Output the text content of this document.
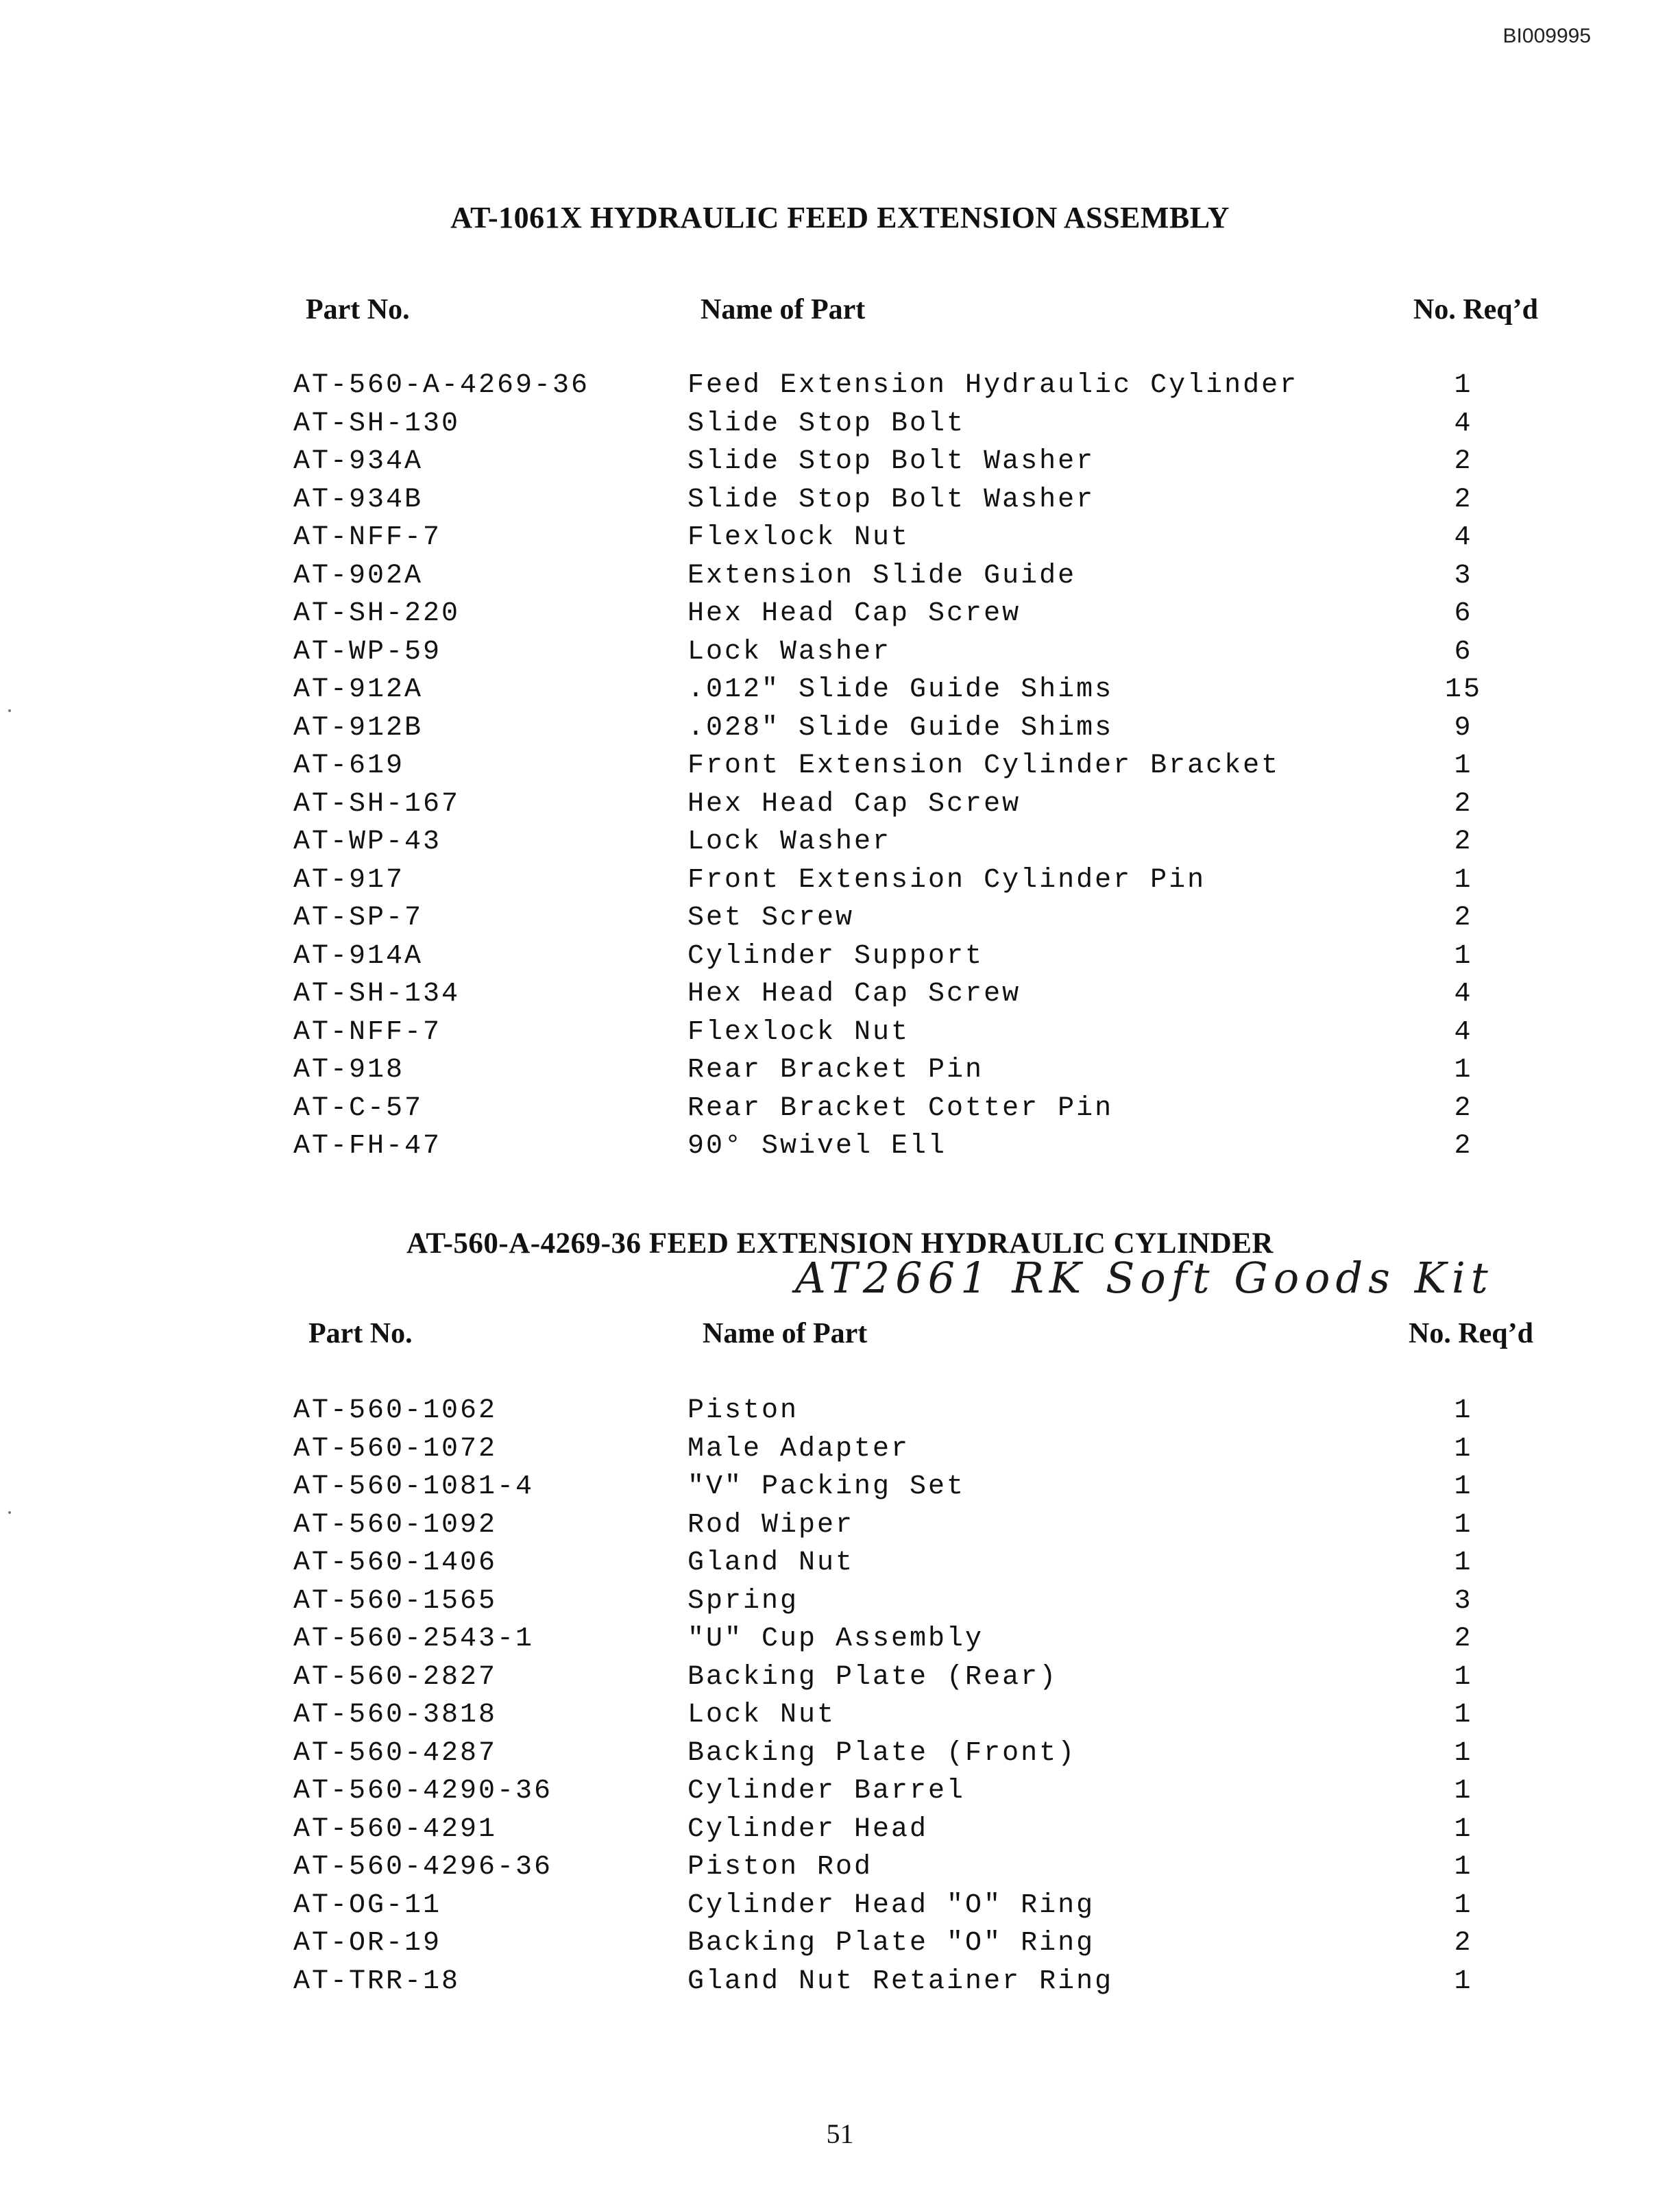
BI009995
AT-1061X HYDRAULIC FEED EXTENSION ASSEMBLY
Part No.	Name of Part	No. Req’d
AT-560-A-4269-36	Feed Extension Hydraulic Cylinder	1
AT-SH-130	Slide Stop Bolt	4
AT-934A	Slide Stop Bolt Washer	2
AT-934B	Slide Stop Bolt Washer	2
AT-NFF-7	Flexlock Nut	4
AT-902A	Extension Slide Guide	3
AT-SH-220	Hex Head Cap Screw	6
AT-WP-59	Lock Washer	6
AT-912A	.012" Slide Guide Shims	15
AT-912B	.028" Slide Guide Shims	9
AT-619	Front Extension Cylinder Bracket	1
AT-SH-167	Hex Head Cap Screw	2
AT-WP-43	Lock Washer	2
AT-917	Front Extension Cylinder Pin	1
AT-SP-7	Set Screw	2
AT-914A	Cylinder Support	1
AT-SH-134	Hex Head Cap Screw	4
AT-NFF-7	Flexlock Nut	4
AT-918	Rear Bracket Pin	1
AT-C-57	Rear Bracket Cotter Pin	2
AT-FH-47	90° Swivel Ell	2
AT-560-A-4269-36 FEED EXTENSION HYDRAULIC CYLINDER
AT2661 RK Soft Goods Kit
Part No.	Name of Part	No. Req’d
AT-560-1062	Piston	1
AT-560-1072	Male Adapter	1
AT-560-1081-4	"V" Packing Set	1
AT-560-1092	Rod Wiper	1
AT-560-1406	Gland Nut	1
AT-560-1565	Spring	3
AT-560-2543-1	"U" Cup Assembly	2
AT-560-2827	Backing Plate (Rear)	1
AT-560-3818	Lock Nut	1
AT-560-4287	Backing Plate (Front)	1
AT-560-4290-36	Cylinder Barrel	1
AT-560-4291	Cylinder Head	1
AT-560-4296-36	Piston Rod	1
AT-OG-11	Cylinder Head "O" Ring	1
AT-OR-19	Backing Plate "O" Ring	2
AT-TRR-18	Gland Nut Retainer Ring	1
51
